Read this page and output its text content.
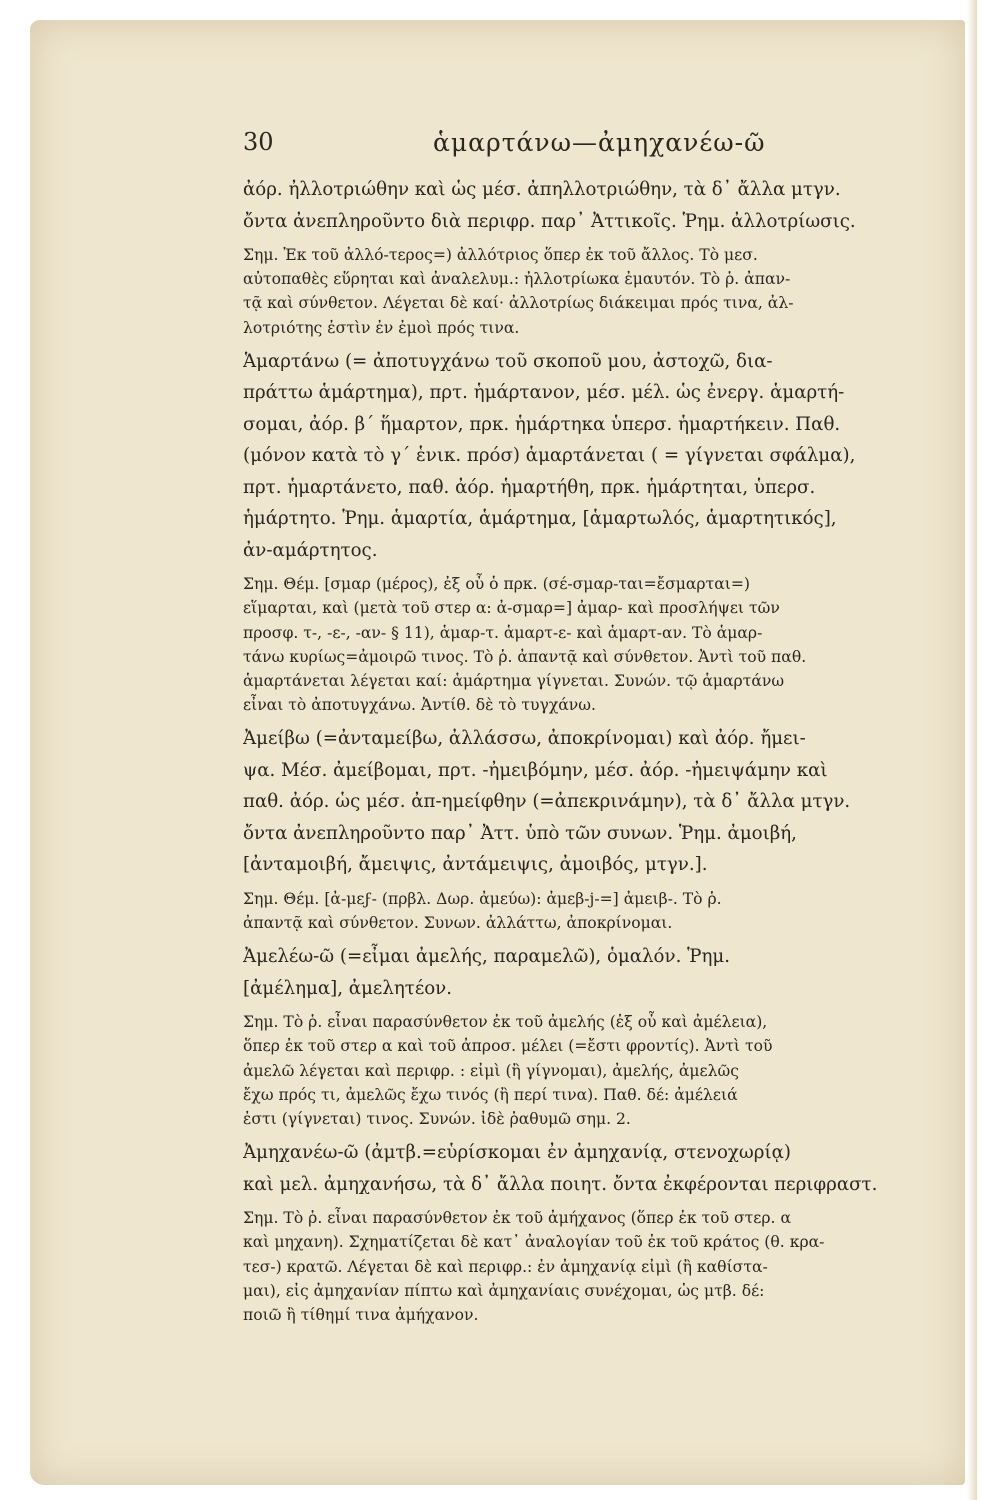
30	ἁμαρτάνω—ἀμηχανέω-ῶ
ἀόρ. ἠλλοτριώθην καὶ ὡς μέσ. ἀπηλλοτριώθην, τὰ δ᾿ ἄλλα μτγν.
ὄντα ἀνεπληροῦντο διὰ περιφρ. παρ᾿ Ἀττικοῖς. Ῥημ. ἀλλοτρίωσις.
Σημ. Ἐκ τοῦ ἀλλό-τερος=) ἀλλότριος ὅπερ ἐκ τοῦ ἄλλος. Τὸ μεσ.
αὐτοπαθὲς εὕρηται καὶ ἀναλελυμ.: ἠλλοτρίωκα ἐμαυτόν. Τὸ ῥ. ἀπαν-
τᾷ καὶ σύνθετον. Λέγεται δὲ καί· ἀλλοτρίως διάκειμαι πρός τινα, ἀλ-
λοτριότης ἐστὶν ἐν ἐμοὶ πρός τινα.
Ἁμαρτάνω (= ἀποτυγχάνω τοῦ σκοποῦ μου, ἀστοχῶ, δια-
πράττω ἁμάρτημα), πρτ. ἡμάρτανον, μέσ. μέλ. ὡς ἐνεργ. ἁμαρτή-
σομαι, ἀόρ. β΄ ἥμαρτον, πρκ. ἡμάρτηκα ὑπερσ. ἡμαρτήκειν. Παθ.
(μόνον κατὰ τὸ γ΄ ἑνικ. πρόσ) ἁμαρτάνεται ( = γίγνεται σφάλμα),
πρτ. ἡμαρτάνετο, παθ. ἀόρ. ἡμαρτήθη, πρκ. ἡμάρτηται, ὑπερσ.
ἡμάρτητο. Ῥημ. ἁμαρτία, ἁμάρτημα, [ἁμαρτωλός, ἁμαρτητικός],
ἀν-αμάρτητος.
Σημ. Θέμ. [σμαρ (μέρος), ἐξ οὗ ὁ πρκ. (σέ-σμαρ-ται=ἔσμαρται=)
εἵμαρται, καὶ (μετὰ τοῦ στερ α: ἀ-σμαρ=] ἀμαρ- καὶ προσλήψει τῶν
προσφ. τ-, -ε-, -αν- § 11), ἁμαρ-τ. ἁμαρτ-ε- καὶ ἁμαρτ-αν. Τὸ ἁμαρ-
τάνω κυρίως=ἀμοιρῶ τινος. Τὸ ῥ. ἀπαντᾷ καὶ σύνθετον. Ἀντὶ τοῦ παθ.
ἁμαρτάνεται λέγεται καί: ἁμάρτημα γίγνεται. Συνών. τῷ ἁμαρτάνω
εἶναι τὸ ἀποτυγχάνω. Ἀντίθ. δὲ τὸ τυγχάνω.
Ἀμείβω (=ἀνταμείβω, ἀλλάσσω, ἀποκρίνομαι) καὶ ἀόρ. ἤμει-
ψα. Μέσ. ἀμείβομαι, πρτ. -ἠμειβόμην, μέσ. ἀόρ. -ἠμειψάμην καὶ
παθ. ἀόρ. ὡς μέσ. ἀπ-ημείφθην (=ἀπεκρινάμην), τὰ δ᾿ ἄλλα μτγν.
ὄντα ἀνεπληροῦντο παρ᾿ Ἀττ. ὑπὸ τῶν συνων. Ῥημ. ἀμοιβή,
[ἀνταμοιβή, ἄμειψις, ἀντάμειψις, ἀμοιβός, μτγν.].
Σημ. Θέμ. [ἀ-μεϝ- (πρβλ. Δωρ. ἀμεύω): ἀμεβ-j-=] ἀμειβ-. Τὸ ῥ.
ἀπαντᾷ καὶ σύνθετον. Συνων. ἀλλάττω, ἀποκρίνομαι.
Ἀμελέω-ῶ (=εἶμαι ἀμελής, παραμελῶ), ὁμαλόν. Ῥημ.
[ἀμέλημα], ἀμελητέον.
Σημ. Τὸ ῥ. εἶναι παρασύνθετον ἐκ τοῦ ἀμελής (ἐξ οὗ καὶ ἀμέλεια),
ὅπερ ἐκ τοῦ στερ α καὶ τοῦ ἀπροσ. μέλει (=ἔστι φροντίς). Ἀντὶ τοῦ
ἀμελῶ λέγεται καὶ περιφρ. : εἰμὶ (ἢ γίγνομαι), ἀμελής, ἀμελῶς
ἔχω πρός τι, ἀμελῶς ἔχω τινός (ἢ περί τινα). Παθ. δέ: ἀμέλειά
ἐστι (γίγνεται) τινος. Συνών. ἰδὲ ῥαθυμῶ σημ. 2.
Ἀμηχανέω-ῶ (ἀμτβ.=εὑρίσκομαι ἐν ἀμηχανίᾳ, στενοχωρίᾳ)
καὶ μελ. ἀμηχανήσω, τὰ δ᾿ ἄλλα ποιητ. ὄντα ἐκφέρονται περιφραστ.
Σημ. Τὸ ῥ. εἶναι παρασύνθετον ἐκ τοῦ ἀμήχανος (ὅπερ ἐκ τοῦ στερ. α
καὶ μηχανη). Σχηματίζεται δὲ κατ᾿ ἀναλογίαν τοῦ ἐκ τοῦ κράτος (θ. κρα-
τεσ-) κρατῶ. Λέγεται δὲ καὶ περιφρ.: ἐν ἀμηχανίᾳ εἰμὶ (ἢ καθίστα-
μαι), εἰς ἀμηχανίαν πίπτω καὶ ἀμηχανίαις συνέχομαι, ὡς μτβ. δέ:
ποιῶ ἢ τίθημί τινα ἀμήχανον.
